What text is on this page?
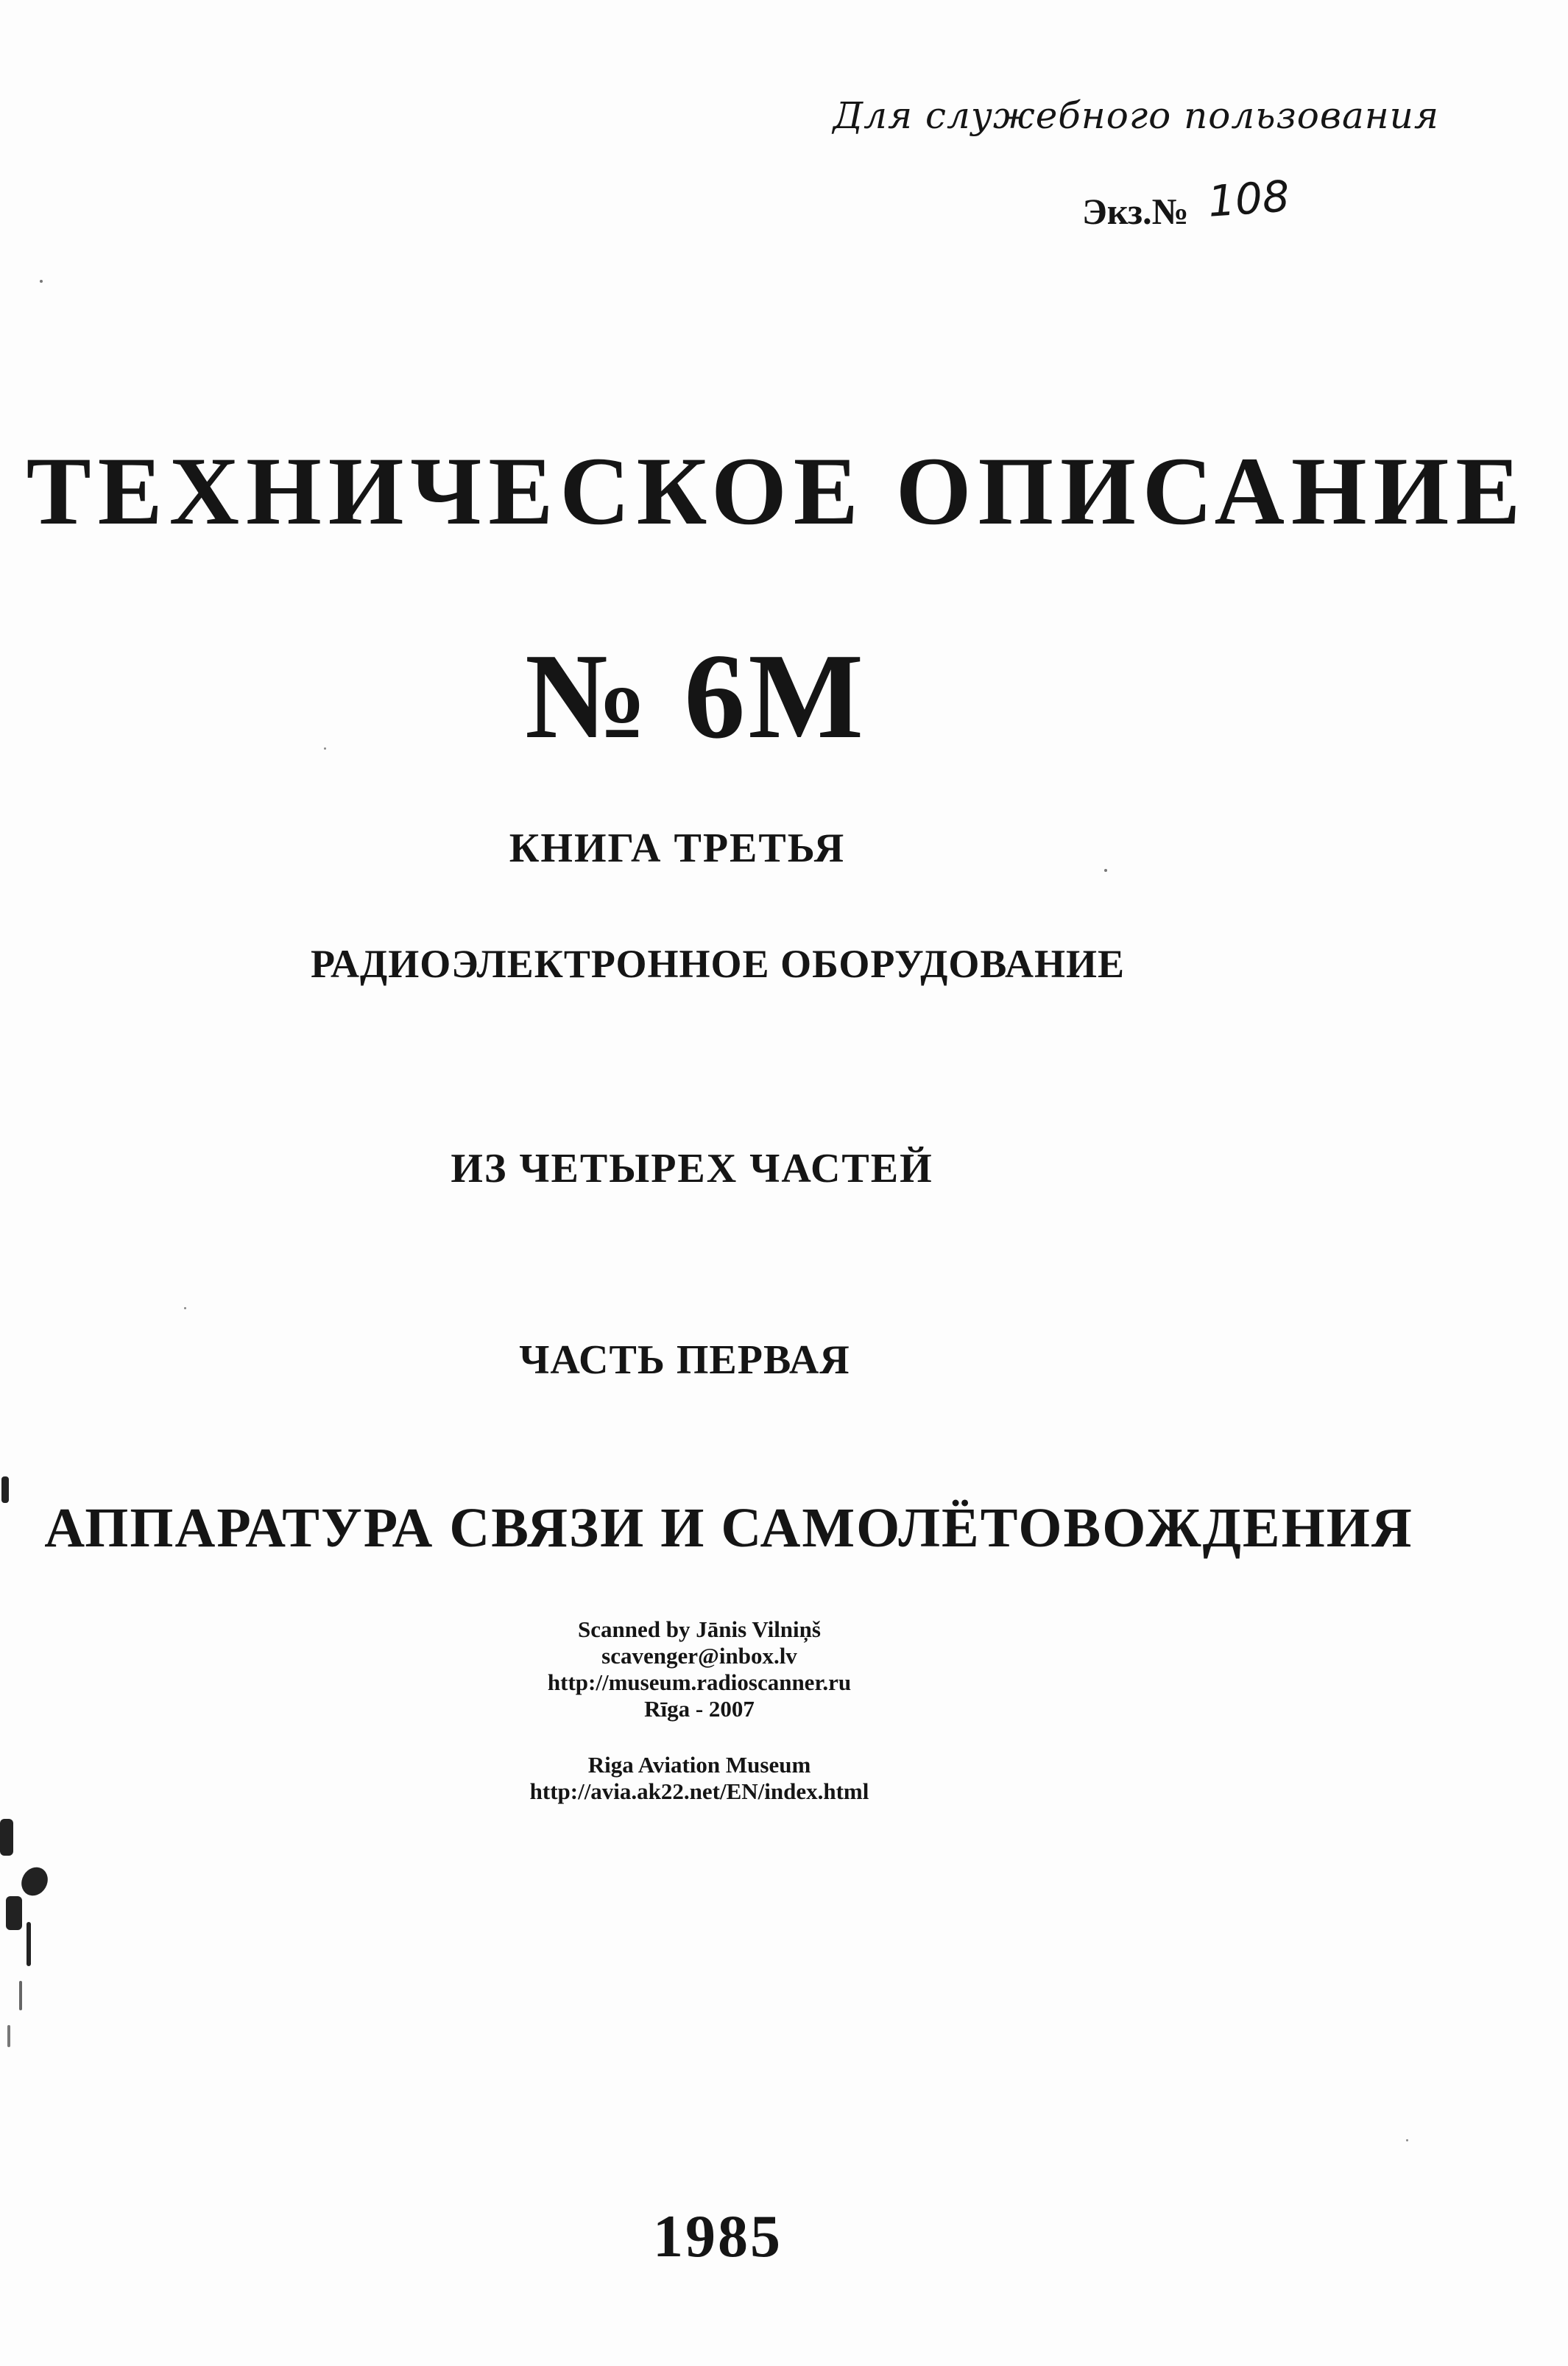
Для служебного пользования
Экз.№ 108
ТЕХНИЧЕСКОЕ ОПИСАНИЕ
№ 6М
КНИГА ТРЕТЬЯ
РАДИОЭЛЕКТРОННОЕ ОБОРУДОВАНИЕ
ИЗ ЧЕТЫРЕХ ЧАСТЕЙ
ЧАСТЬ ПЕРВАЯ
АППАРАТУРА СВЯЗИ И САМОЛЁТОВОЖДЕНИЯ
Scanned by Jānis Vilniņš
scavenger@inbox.lv
http://museum.radioscanner.ru
Rīga - 2007
Riga Aviation Museum
http://avia.ak22.net/EN/index.html
1985
